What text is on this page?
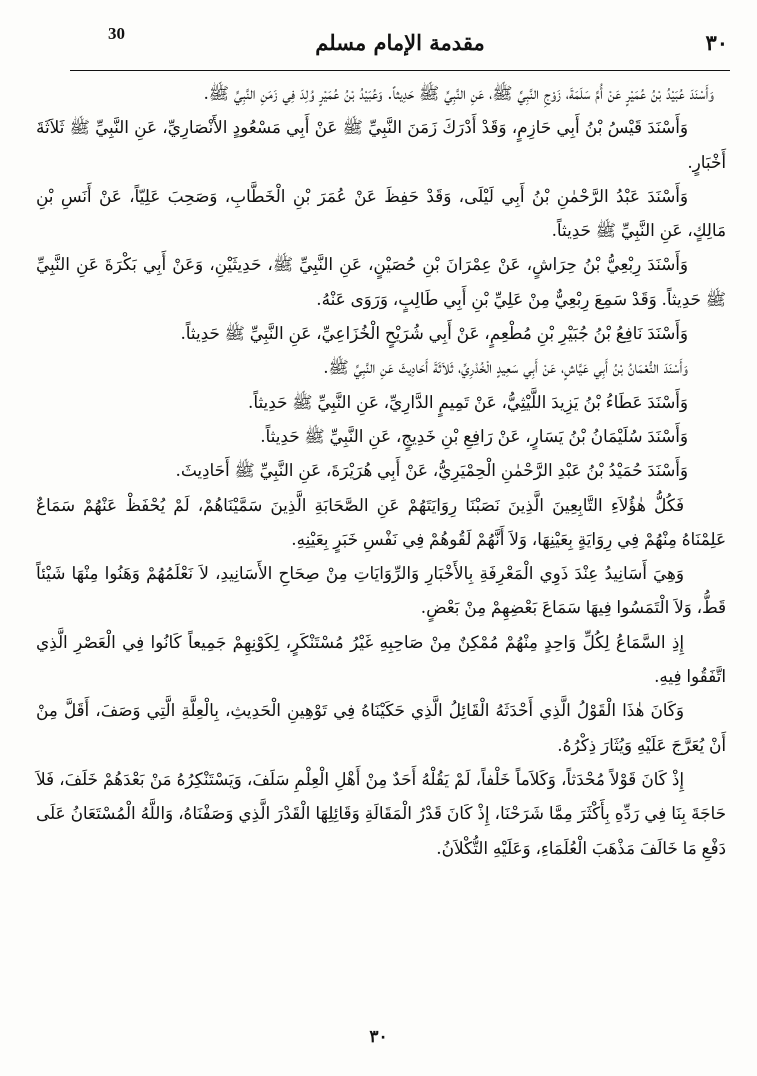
30	مقدمة الإمام مسلم	٣٠

وَأَسْنَدَ عُبَيْدُ بْنُ عُمَيْرٍ عَنْ أُمِّ سَلَمَةَ، زَوْجِ النَّبِيِّ ﷺ، عَنِ النَّبِيِّ ﷺ حَدِيثاً. وَعُبَيْدُ بْنُ عُمَيْرٍ وُلِدَ فِي زَمَنِ النَّبِيِّ ﷺ.

وَأَسْنَدَ قَيْسُ بْنُ أَبِي حَازِمٍ، وَقَدْ أَدْرَكَ زَمَنَ النَّبِيِّ ﷺ عَنْ أَبِي مَسْعُودٍ الأَنْصَارِيِّ، عَنِ النَّبِيِّ ﷺ ثَلاَثَةَ أَخْبَارٍ.

وَأَسْنَدَ عَبْدُ الرَّحْمٰنِ بْنُ أَبِي لَيْلَى، وَقَدْ حَفِظَ عَنْ عُمَرَ بْنِ الْخَطَّابِ، وَصَحِبَ عَلِيّاً، عَنْ أَنَسِ بْنِ مَالِكٍ، عَنِ النَّبِيِّ ﷺ حَدِيثاً.

وَأَسْنَدَ رِبْعِيُّ بْنُ حِرَاشٍ، عَنْ عِمْرَانَ بْنِ حُصَيْنٍ، عَنِ النَّبِيِّ ﷺ، حَدِيثَيْنِ، وَعَنْ أَبِي بَكْرَةَ عَنِ النَّبِيِّ ﷺ حَدِيثاً. وَقَدْ سَمِعَ رِبْعِيٌّ مِنْ عَلِيِّ بْنِ أَبِي طَالِبٍ، وَرَوَى عَنْهُ.

وَأَسْنَدَ نَافِعُ بْنُ جُبَيْرِ بْنِ مُطْعِمٍ، عَنْ أَبِي شُرَيْحٍ الْخُزَاعِيِّ، عَنِ النَّبِيِّ ﷺ حَدِيثاً.

وَأَسْنَدَ النُّعْمَانُ بْنُ أَبِي عَيَّاشٍ، عَنْ أَبِي سَعِيدٍ الْخُدْرِيِّ، ثَلاَثَةَ أَحَادِيثَ عَنِ النَّبِيِّ ﷺ.

وَأَسْنَدَ عَطَاءُ بْنُ يَزِيدَ اللَّيْثِيُّ، عَنْ تَمِيمٍ الدَّارِيِّ، عَنِ النَّبِيِّ ﷺ حَدِيثاً.

وَأَسْنَدَ سُلَيْمَانُ بْنُ يَسَارٍ، عَنْ رَافِعِ بْنِ خَدِيجٍ، عَنِ النَّبِيِّ ﷺ حَدِيثاً.

وَأَسْنَدَ حُمَيْدُ بْنُ عَبْدِ الرَّحْمٰنِ الْحِمْيَرِيُّ، عَنْ أَبِي هُرَيْرَةَ، عَنِ النَّبِيِّ ﷺ أَحَادِيثَ.

فَكُلُّ هٰؤُلاَءِ التَّابِعِينَ الَّذِينَ نَصَبْنَا رِوَايَتَهُمْ عَنِ الصَّحَابَةِ الَّذِينَ سَمَّيْنَاهُمْ، لَمْ يُحْفَظْ عَنْهُمْ سَمَاعٌ عَلِمْنَاهُ مِنْهُمْ فِي رِوَايَةٍ بِعَيْنِهَا، وَلاَ أَنَّهُمْ لَقُوهُمْ فِي نَفْسِ خَبَرٍ بِعَيْنِهِ.

وَهِيَ أَسَانِيدُ عِنْدَ ذَوِي الْمَعْرِفَةِ بِالأَخْبَارِ وَالرِّوَايَاتِ مِنْ صِحَاحِ الأَسَانِيدِ، لاَ نَعْلَمُهُمْ وَهَنُوا مِنْهَا شَيْئاً قَطُّ، وَلاَ الْتَمَسُوا فِيهَا سَمَاعَ بَعْضِهِمْ مِنْ بَعْضٍ.

إِذِ السَّمَاعُ لِكُلِّ وَاحِدٍ مِنْهُمْ مُمْكِنٌ مِنْ صَاحِبِهِ غَيْرُ مُسْتَنْكَرٍ، لِكَوْنِهِمْ جَمِيعاً كَانُوا فِي الْعَصْرِ الَّذِي اتَّفَقُوا فِيهِ.

وَكَانَ هٰذَا الْقَوْلُ الَّذِي أَحْدَثَهُ الْقَائِلُ الَّذِي حَكَيْنَاهُ فِي تَوْهِينِ الْحَدِيثِ، بِالْعِلَّةِ الَّتِي وَصَفَ، أَقَلَّ مِنْ أَنْ يُعَرَّجَ عَلَيْهِ وَيُثَارَ ذِكْرُهُ.

إِذْ كَانَ قَوْلاً مُحْدَثاً، وَكَلاَماً خَلْفاً، لَمْ يَقُلْهُ أَحَدٌ مِنْ أَهْلِ الْعِلْمِ سَلَفَ، وَيَسْتَنْكِرُهُ مَنْ بَعْدَهُمْ خَلَفَ، فَلاَ حَاجَةَ بِنَا فِي رَدِّهِ بِأَكْثَرَ مِمَّا شَرَحْنَا، إِذْ كَانَ قَدْرُ الْمَقَالَةِ وَقَائِلِهَا الْقَدْرَ الَّذِي وَصَفْنَاهُ، وَاللَّهُ الْمُسْتَعَانُ عَلَى دَفْعِ مَا خَالَفَ مَذْهَبَ الْعُلَمَاءِ، وَعَلَيْهِ التُّكْلاَنُ.

٣٠
